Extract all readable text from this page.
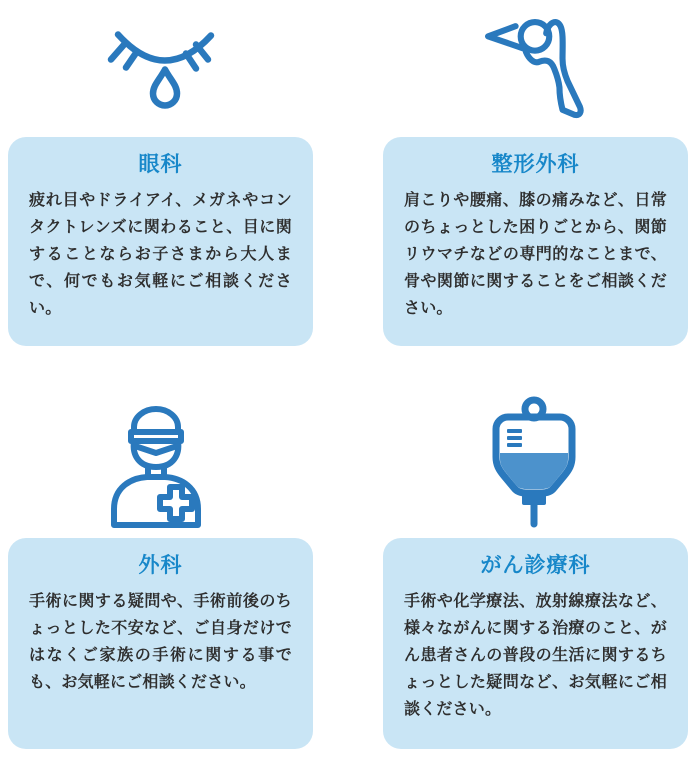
眼科
疲れ目やドライアイ、メガネやコンタクトレンズに関わること、目に関することならお子さまから大人まで、何でもお気軽にご相談ください。
整形外科
肩こりや腰痛、膝の痛みなど、日常のちょっとした困りごとから、関節リウマチなどの専門的なことまで、骨や関節に関することをご相談ください。
外科
手術に関する疑問や、手術前後のちょっとした不安など、ご自身だけではなくご家族の手術に関する事でも、お気軽にご相談ください。
がん診療科
手術や化学療法、放射線療法など、様々ながんに関する治療のこと、がん患者さんの普段の生活に関するちょっとした疑問など、お気軽にご相談ください。
